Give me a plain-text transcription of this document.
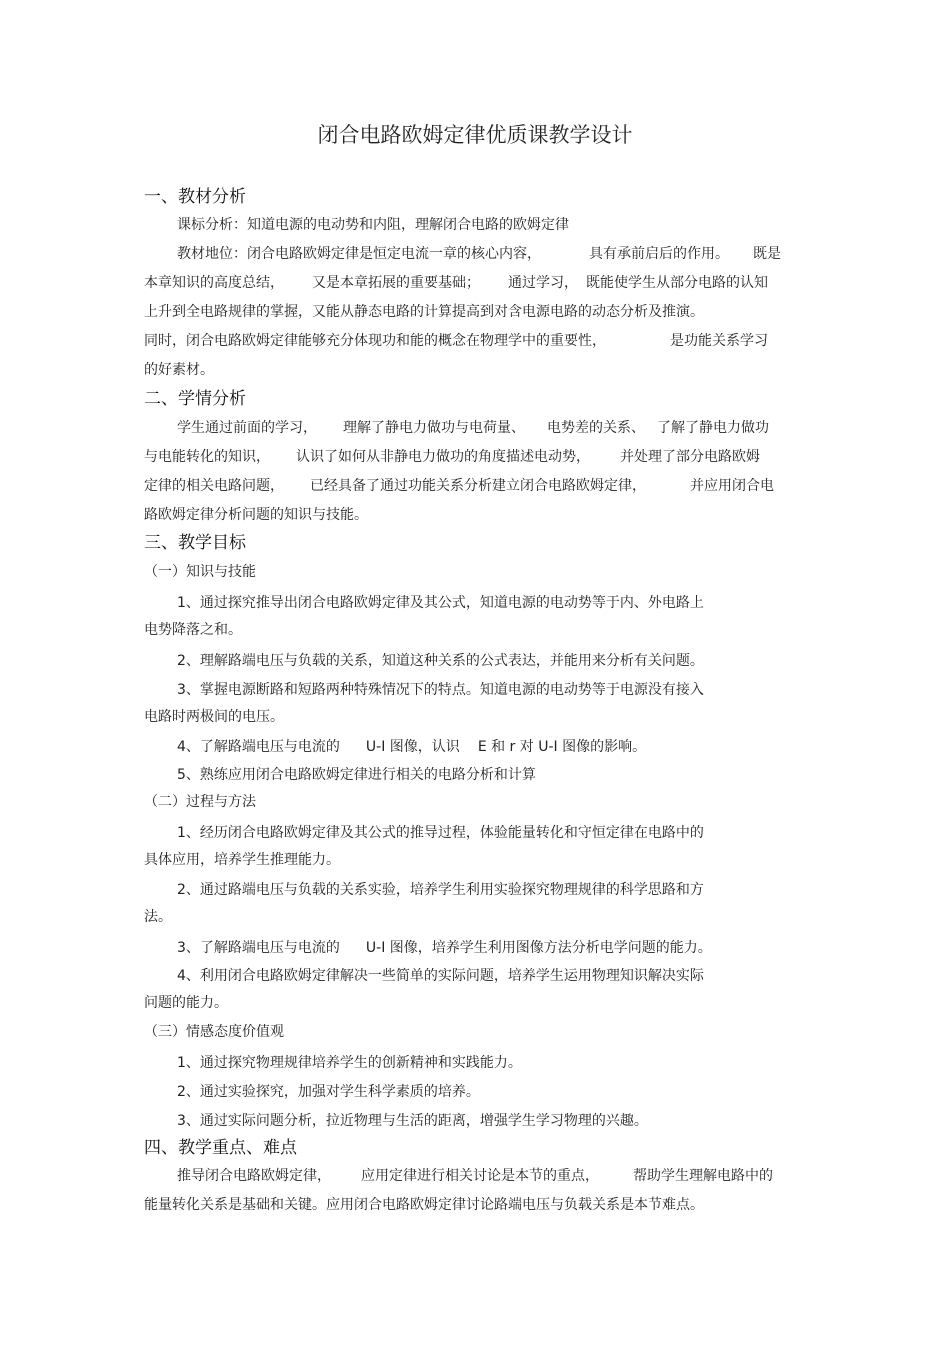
闭合电路欧姆定律优质课教学设计
一、教材分析
课标分析：知道电源的电动势和内阻，理解闭合电路的欧姆定律
教材地位：闭合电路欧姆定律是恒定电流一章的核心内容，	具有承前启后的作用。 既是
本章知识的高度总结， 又是本章拓展的重要基础； 通过学习， 既能使学生从部分电路的认知
上升到全电路规律的掌握，又能从静态电路的计算提高到对含电源电路的动态分析及推演。
同时，闭合电路欧姆定律能够充分体现功和能的概念在物理学中的重要性，	是功能关系学习
的好素材。
二、学情分析
学生通过前面的学习， 理解了静电力做功与电荷量、 电势差的关系、 了解了静电力做功
与电能转化的知识， 认识了如何从非静电力做功的角度描述电动势， 并处理了部分电路欧姆
定律的相关电路问题， 已经具备了通过功能关系分析建立闭合电路欧姆定律，	并应用闭合电
路欧姆定律分析问题的知识与技能。
三、教学目标
（一）知识与技能
1、通过探究推导出闭合电路欧姆定律及其公式，知道电源的电动势等于内、外电路上
电势降落之和。
2、理解路端电压与负载的关系，知道这种关系的公式表达，并能用来分析有关问题。
3、掌握电源断路和短路两种特殊情况下的特点。知道电源的电动势等于电源没有接入
电路时两极间的电压。
4、了解路端电压与电流的 U-I 图像，认识 E 和 r 对 U-I 图像的影响。
5、熟练应用闭合电路欧姆定律进行相关的电路分析和计算
（二）过程与方法
1、经历闭合电路欧姆定律及其公式的推导过程，体验能量转化和守恒定律在电路中的
具体应用，培养学生推理能力。
2、通过路端电压与负载的关系实验，培养学生利用实验探究物理规律的科学思路和方
法。
3、了解路端电压与电流的 U-I 图像，培养学生利用图像方法分析电学问题的能力。
4、利用闭合电路欧姆定律解决一些简单的实际问题，培养学生运用物理知识解决实际
问题的能力。
（三）情感态度价值观
1、通过探究物理规律培养学生的创新精神和实践能力。
2、通过实验探究，加强对学生科学素质的培养。
3、通过实际问题分析，拉近物理与生活的距离，增强学生学习物理的兴趣。
四、教学重点、难点
推导闭合电路欧姆定律， 应用定律进行相关讨论是本节的重点， 帮助学生理解电路中的
能量转化关系是基础和关键。应用闭合电路欧姆定律讨论路端电压与负载关系是本节难点。
